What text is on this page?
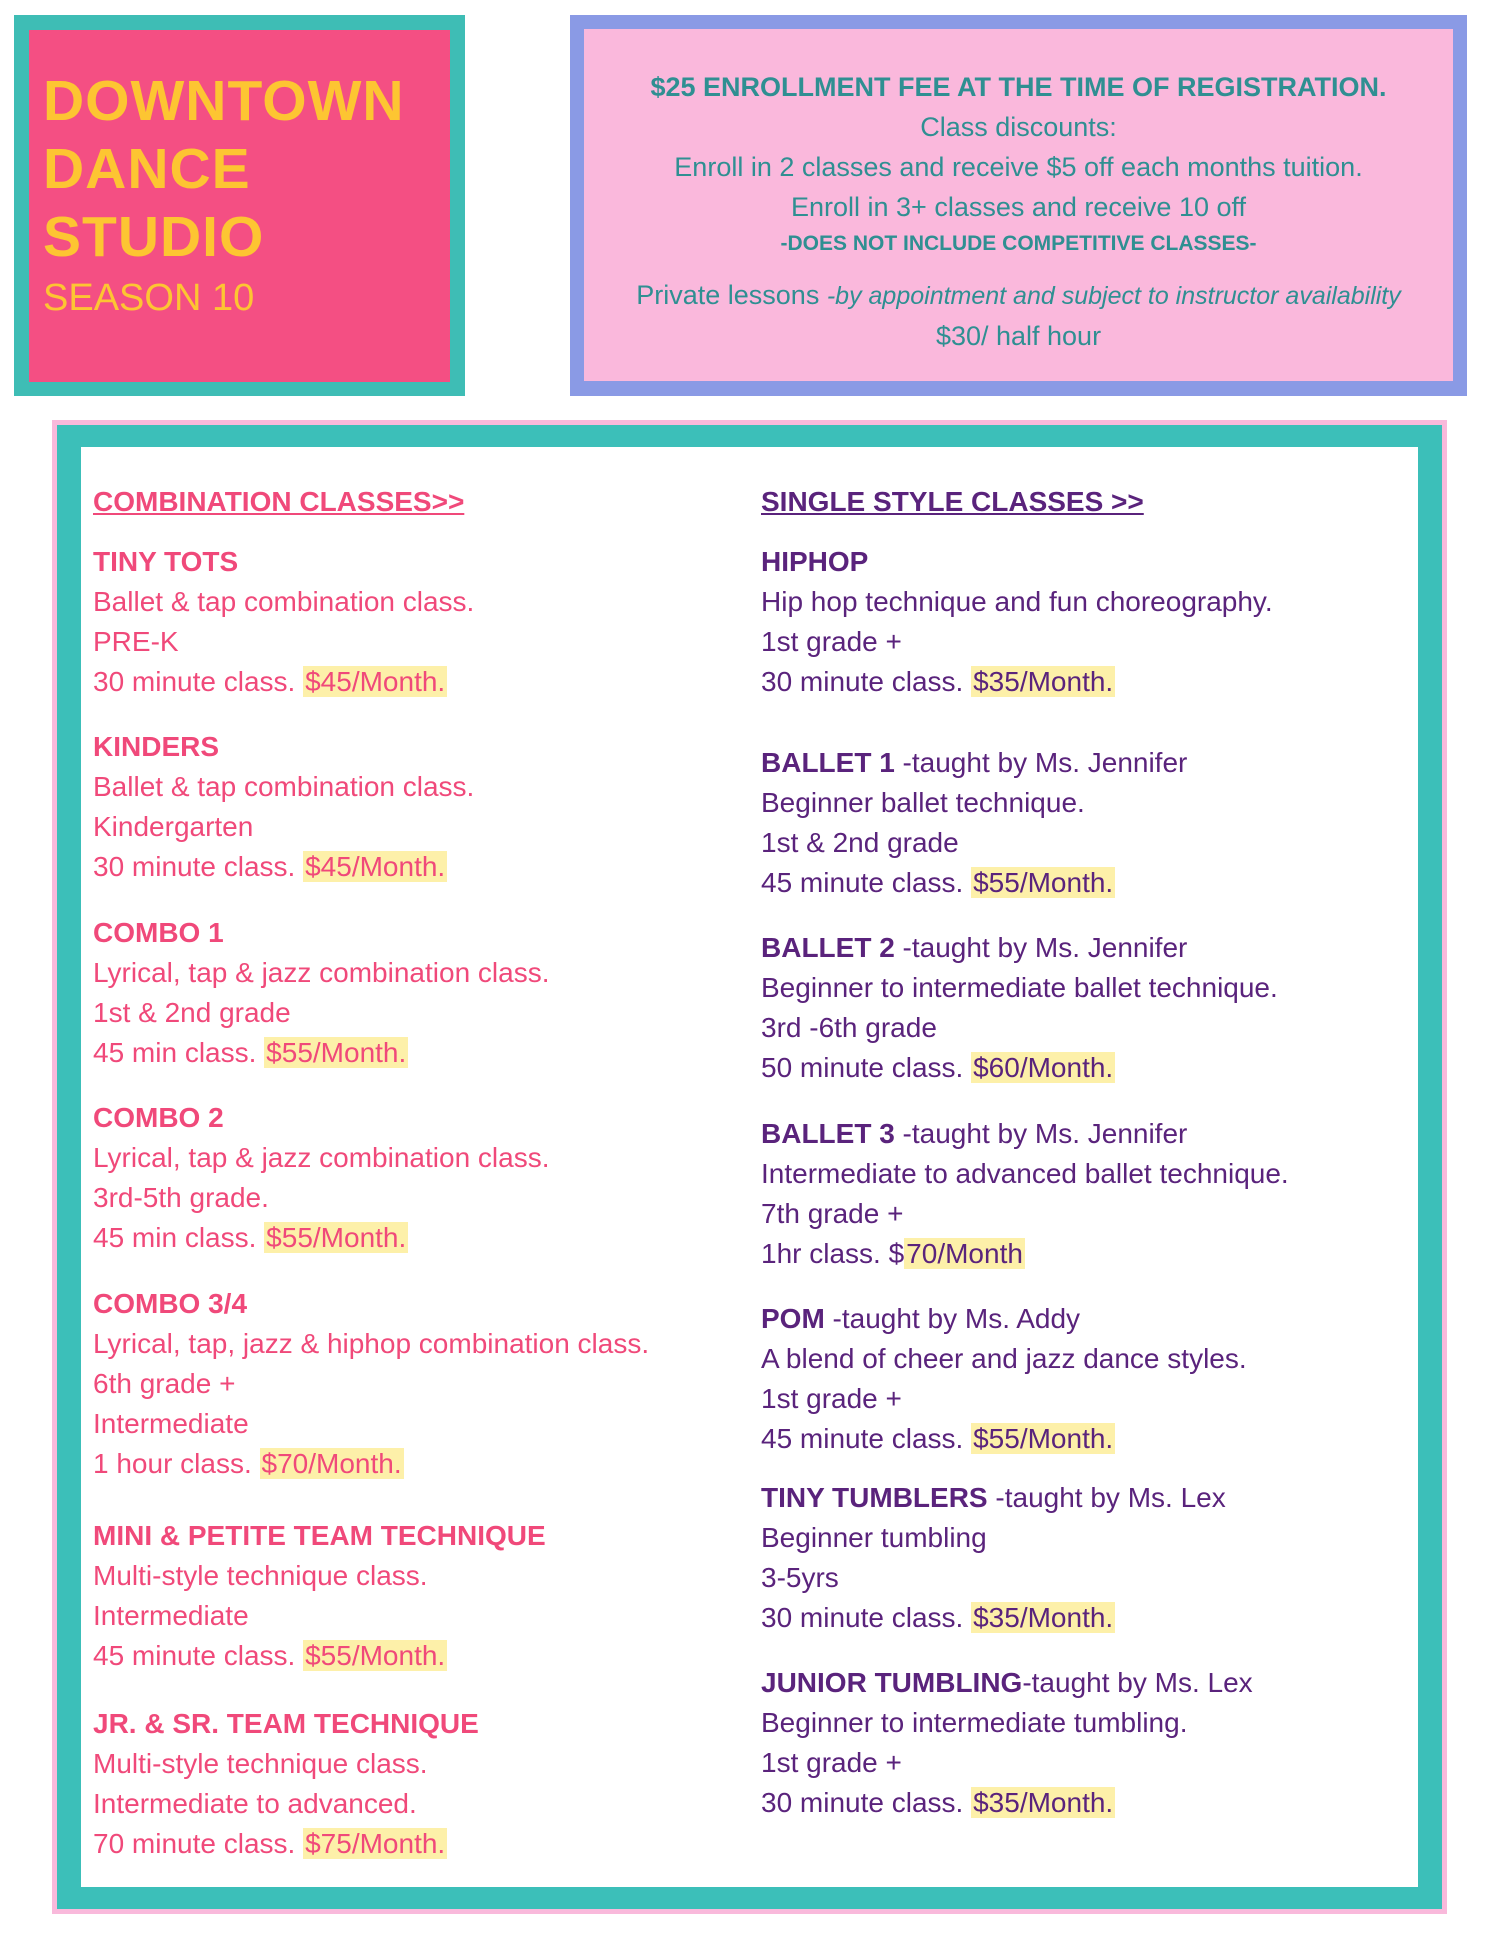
DOWNTOWN
DANCE
STUDIO
SEASON 10
$25 ENROLLMENT FEE AT THE TIME OF REGISTRATION.
Class discounts:
Enroll in 2 classes and receive $5 off each months tuition.
Enroll in 3+ classes and receive 10 off
-DOES NOT INCLUDE COMPETITIVE CLASSES-
Private lessons -by appointment and subject to instructor availability
$30/ half hour
COMBINATION CLASSES>>
TINY TOTS
Ballet & tap combination class.
PRE-K
30 minute class. $45/Month.
KINDERS
Ballet & tap combination class.
Kindergarten
30 minute class. $45/Month.
COMBO 1
Lyrical, tap & jazz combination class.
1st & 2nd grade
45 min class. $55/Month.
COMBO 2
Lyrical, tap & jazz combination class.
3rd-5th grade.
45 min class. $55/Month.
COMBO 3/4
Lyrical, tap, jazz & hiphop combination class.
6th grade +
Intermediate
1 hour class. $70/Month.
MINI & PETITE TEAM TECHNIQUE
Multi-style technique class.
Intermediate
45 minute class. $55/Month.
JR. & SR. TEAM TECHNIQUE
Multi-style technique class.
Intermediate to advanced.
70 minute class. $75/Month.
SINGLE STYLE CLASSES >>
HIPHOP
Hip hop technique and fun choreography.
1st grade +
30 minute class. $35/Month.
BALLET 1 -taught by Ms. Jennifer
Beginner ballet technique.
1st & 2nd grade
45 minute class. $55/Month.
BALLET 2 -taught by Ms. Jennifer
Beginner to intermediate ballet technique.
3rd -6th grade
50 minute class. $60/Month.
BALLET 3 -taught by Ms. Jennifer
Intermediate to advanced ballet technique.
7th grade +
1hr class. $70/Month
POM -taught by Ms. Addy
A blend of cheer and jazz dance styles.
1st grade +
45 minute class. $55/Month.
TINY TUMBLERS -taught by Ms. Lex
Beginner tumbling
3-5yrs
30 minute class. $35/Month.
JUNIOR TUMBLING-taught by Ms. Lex
Beginner to intermediate tumbling.
1st grade +
30 minute class. $35/Month.
